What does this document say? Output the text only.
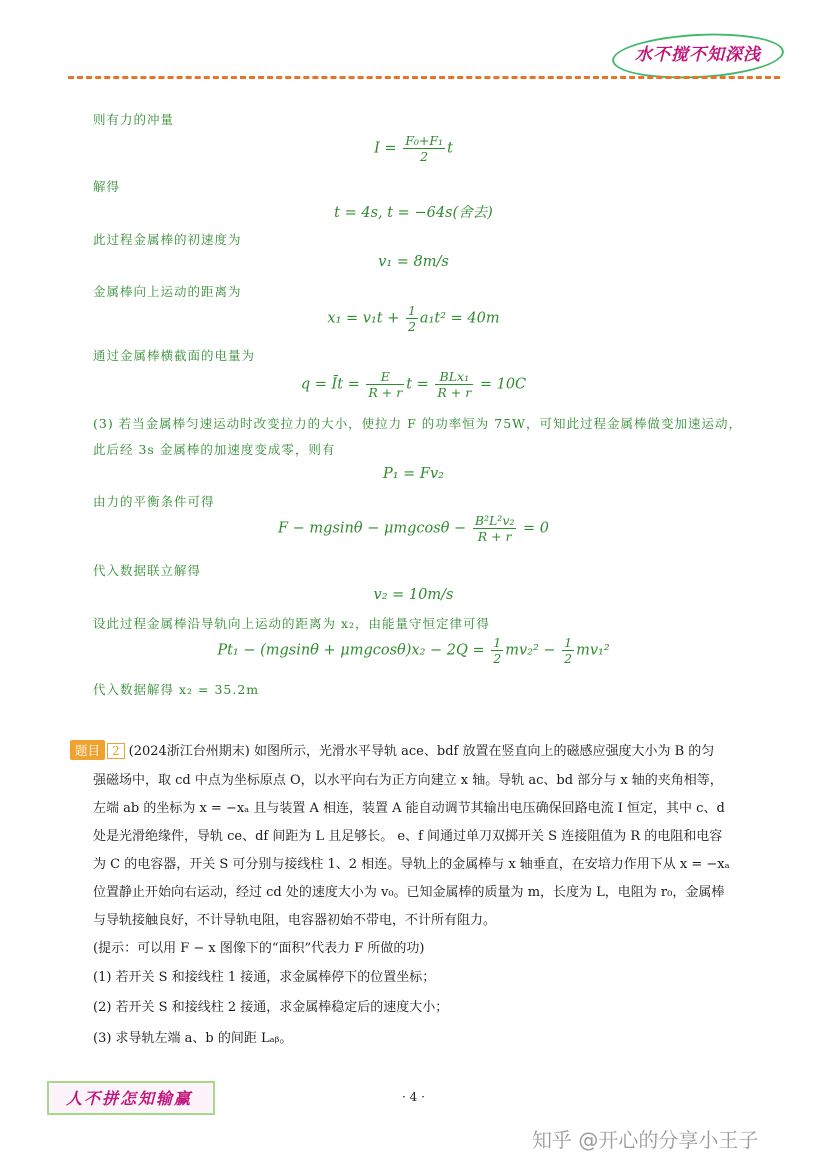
水不搅不知深浅
则有力的冲量
$I = \frac{\text{F₀+F₁}}{2}$ t
解得
t = 4s, t = −64s(舍去)
此过程金属棒的初速度为
v₁ = 8m/s
金属棒向上运动的距离为
$x_1 = v_1t + \frac{1}{2} a_1t^2 = 40m$
通过金属棒横截面的电量为
q = Īt = $\frac{E}{R + r}$ $t = \frac{\text{BLx₁}}{R + r} = 10C$
(3) 若当金属棒匀速运动时改变拉力的大小，使拉力 F 的功率恒为 75W，可知此过程金属棒做变加速运动，
此后经 3s 金属棒的加速度变成零，则有
P₁ = Fv₂
由力的平衡条件可得
$F - mgsin\theta - \mu mgcos\theta - \frac{\text{B²L²v₂}}{R + r} = 0$
代入数据联立解得
v₂ = 10m/s
设此过程金属棒沿导轨向上运动的距离为 x₂，由能量守恒定律可得
$Pt_1 - (mgsin\theta + \mu mgcos\theta)x_2 - 2Q = \frac{1}{2} mv_2^2 - \frac{1}{2} mv_1^2$
代入数据解得 x₂ = 35.2m
题目 2 (2024浙江台州期末) 如图所示，光滑水平导轨 ace、bdf 放置在竖直向上的磁感应强度大小为 B 的匀
强磁场中，取 cd 中点为坐标原点 O，以水平向右为正方向建立 x 轴。导轨 ac、bd 部分与 x 轴的夹角相等，
左端 ab 的坐标为 x = −xₐ 且与装置 A 相连，装置 A 能自动调节其输出电压确保回路电流 I 恒定，其中 c、d
处是光滑绝缘件，导轨 ce、df 间距为 L 且足够长。 e、f 间通过单刀双掷开关 S 连接阻值为 R 的电阻和电容
为 C 的电容器，开关 S 可分别与接线柱 1、2 相连。导轨上的金属棒与 x 轴垂直，在安培力作用下从 x = −xₐ
位置静止开始向右运动，经过 cd 处的速度大小为 v₀。已知金属棒的质量为 m，长度为 L，电阻为 r₀，金属棒
与导轨接触良好，不计导轨电阻，电容器初始不带电，不计所有阻力。
(提示：可以用 F − x 图像下的“面积”代表力 F 所做的功)
(1) 若开关 S 和接线柱 1 接通，求金属棒停下的位置坐标；
(2) 若开关 S 和接线柱 2 接通，求金属棒稳定后的速度大小；
(3) 求导轨左端 a、b 的间距 Lₐᵦ。
人不拼怎知输赢	· 4 ·
知乎 @开心的分享小王子
